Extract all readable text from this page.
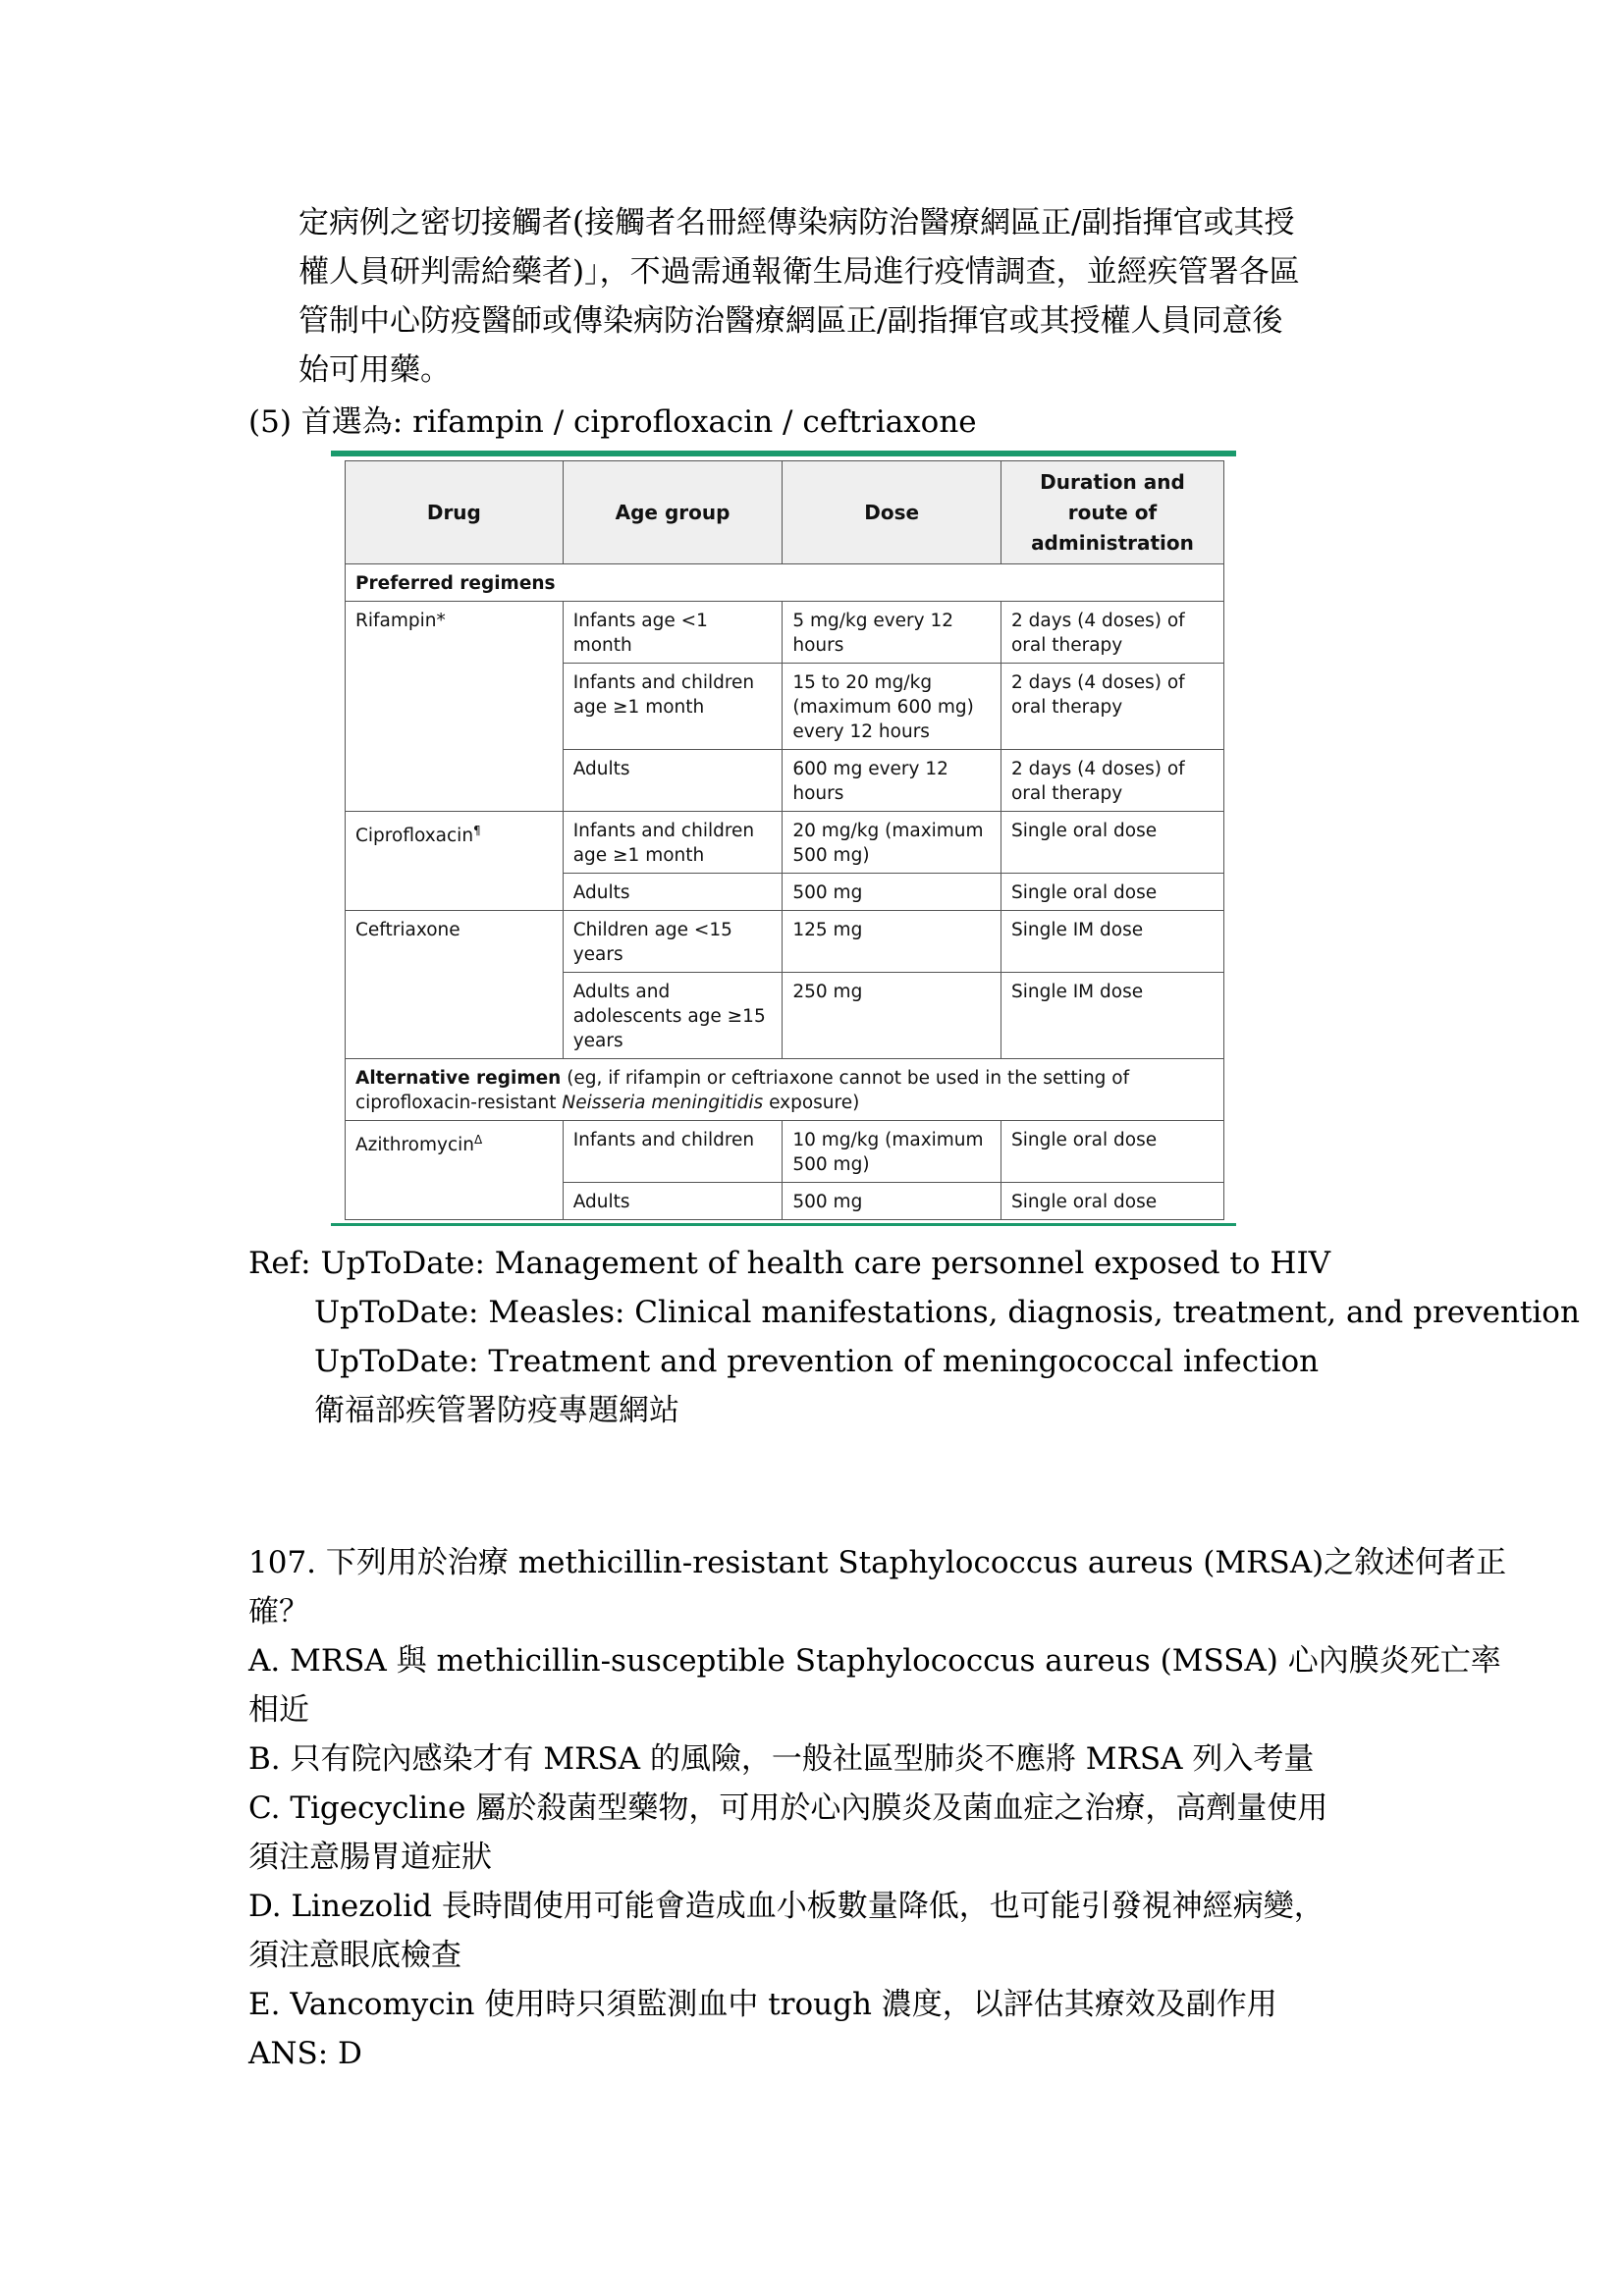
定病例之密切接觸者(接觸者名冊經傳染病防治醫療網區正/副指揮官或其授
權人員研判需給藥者)」，不過需通報衛生局進行疫情調查，並經疾管署各區
管制中心防疫醫師或傳染病防治醫療網區正/副指揮官或其授權人員同意後
始可用藥。
(5) 首選為: rifampin / ciprofloxacin / ceftriaxone
Drug	Age group	Dose	Duration and route of administration
Preferred regimens			
Rifampin*	Infants age <1 month	5 mg/kg every 12 hours	2 days (4 doses) of oral therapy
	Infants and children age ≥1 month	15 to 20 mg/kg (maximum 600 mg) every 12 hours	2 days (4 doses) of oral therapy
	Adults	600 mg every 12 hours	2 days (4 doses) of oral therapy
Ciprofloxacin¶	Infants and children age ≥1 month	20 mg/kg (maximum 500 mg)	Single oral dose
	Adults	500 mg	Single oral dose
Ceftriaxone	Children age <15 years	125 mg	Single IM dose
	Adults and adolescents age ≥15 years	250 mg	Single IM dose
Alternative regimen (eg, if rifampin or ceftriaxone cannot be used in the setting of ciprofloxacin-resistant Neisseria meningitidis exposure)			
Azithromycin$^\Delta$	Infants and children	10 mg/kg (maximum 500 mg)	Single oral dose
	Adults	500 mg	Single oral dose
Ref: UpToDate: Management of health care personnel exposed to HIV
UpToDate: Measles: Clinical manifestations, diagnosis, treatment, and prevention
UpToDate: Treatment and prevention of meningococcal infection
衛福部疾管署防疫專題網站
107. 下列用於治療 methicillin-resistant Staphylococcus aureus (MRSA)之敘述何者正
確？
A. MRSA 與 methicillin-susceptible Staphylococcus aureus (MSSA) 心內膜炎死亡率
相近
B. 只有院內感染才有 MRSA 的風險，一般社區型肺炎不應將 MRSA 列入考量
C. Tigecycline 屬於殺菌型藥物，可用於心內膜炎及菌血症之治療，高劑量使用
須注意腸胃道症狀
D. Linezolid 長時間使用可能會造成血小板數量降低，也可能引發視神經病變，
須注意眼底檢查
E. Vancomycin 使用時只須監測血中 trough 濃度，以評估其療效及副作用
ANS: D
